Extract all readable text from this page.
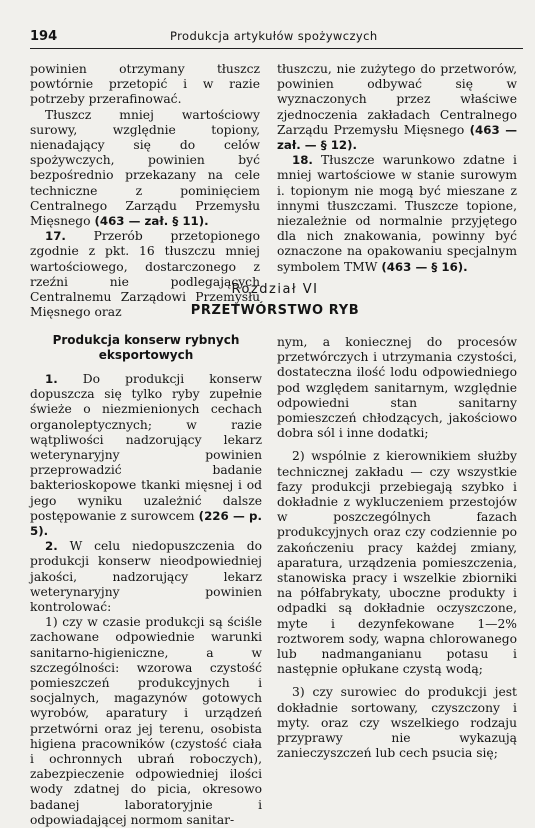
194	Produkcja artykułów spożywczych

powinien otrzymany tłuszcz powtórnie przetopić i w razie potrzeby przerafinować.

Tłuszcz mniej wartościowy surowy, względnie topiony, nienadający się do celów spożywczych, powinien być bezpośrednio przekazany na cele techniczne z pominięciem Centralnego Zarządu Przemysłu Mięsnego (463 — zał. § 11).

17. Przerób przetopionego zgodnie z pkt. 16 tłuszczu mniej wartościowego, dostarczonego z rzeźni nie podlegających Centralnemu Zarządowi Przemysłu Mięsnego oraz

tłuszczu, nie zużytego do przetworów, powinien odbywać się w wyznaczonych przez właściwe zjednoczenia zakładach Centralnego Zarządu Przemysłu Mięsnego (463 — zał. — § 12).

18. Tłuszcze warunkowo zdatne i mniej wartościowe w stanie surowym i. topionym nie mogą być mieszane z innymi tłuszczami. Tłuszcze topione, niezależnie od normalnie przyjętego dla nich znakowania, powinny być oznaczone na opakowaniu specjalnym symbolem TMW (463 — § 16).

Rozdział VI
PRZETWÓRSTWO RYB
Produkcja konserw rybnych eksportowych

1. Do produkcji konserw dopuszcza się tylko ryby zupełnie świeże o niezmienionych cechach organoleptycznych; w razie wątpliwości nadzorujący lekarz weterynaryjny powinien przeprowadzić badanie bakterioskopowe tkanki mięsnej i od jego wyniku uzależnić dalsze postępowanie z surowcem (226 — p. 5).

2. W celu niedopuszczenia do produkcji konserw nieodpowiedniej jakości, nadzorujący lekarz weterynaryjny powinien kontrolować:

1) czy w czasie produkcji są ściśle zachowane odpowiednie warunki sanitarno-higieniczne, a w szczególności: wzorowa czystość pomieszczeń produkcyjnych i socjalnych, magazynów gotowych wyrobów, aparatury i urządzeń przetwórni oraz jej terenu, osobista higiena pracowników (czystość ciała i ochronnych ubrań roboczych), zabezpieczenie odpowiedniej ilości wody zdatnej do picia, okresowo badanej laboratoryjnie i odpowiadającej normom sanitar-

nym, a koniecznej do procesów przetwórczych i utrzymania czystości, dostateczna ilość lodu odpowiedniego pod względem sanitarnym, względnie odpowiedni stan sanitarny pomieszczeń chłodzących, jakościowo dobra sól i inne dodatki;

2) wspólnie z kierownikiem służby technicznej zakładu — czy wszystkie fazy produkcji przebiegają szybko i dokładnie z wykluczeniem przestojów w poszczególnych fazach produkcyjnych oraz czy codziennie po zakończeniu pracy każdej zmiany, aparatura, urządzenia pomieszczenia, stanowiska pracy i wszelkie zbiorniki na półfabrykaty, uboczne produkty i odpadki są dokładnie oczyszczone, myte i dezynfekowane 1—2% roztworem sody, wapna chlorowanego lub nadmanganianu potasu i następnie opłukane czystą wodą;

3) czy surowiec do produkcji jest dokładnie sortowany, czyszczony i myty. oraz czy wszelkiego rodzaju przyprawy nie wykazują zanieczyszczeń lub cech psucia się;
